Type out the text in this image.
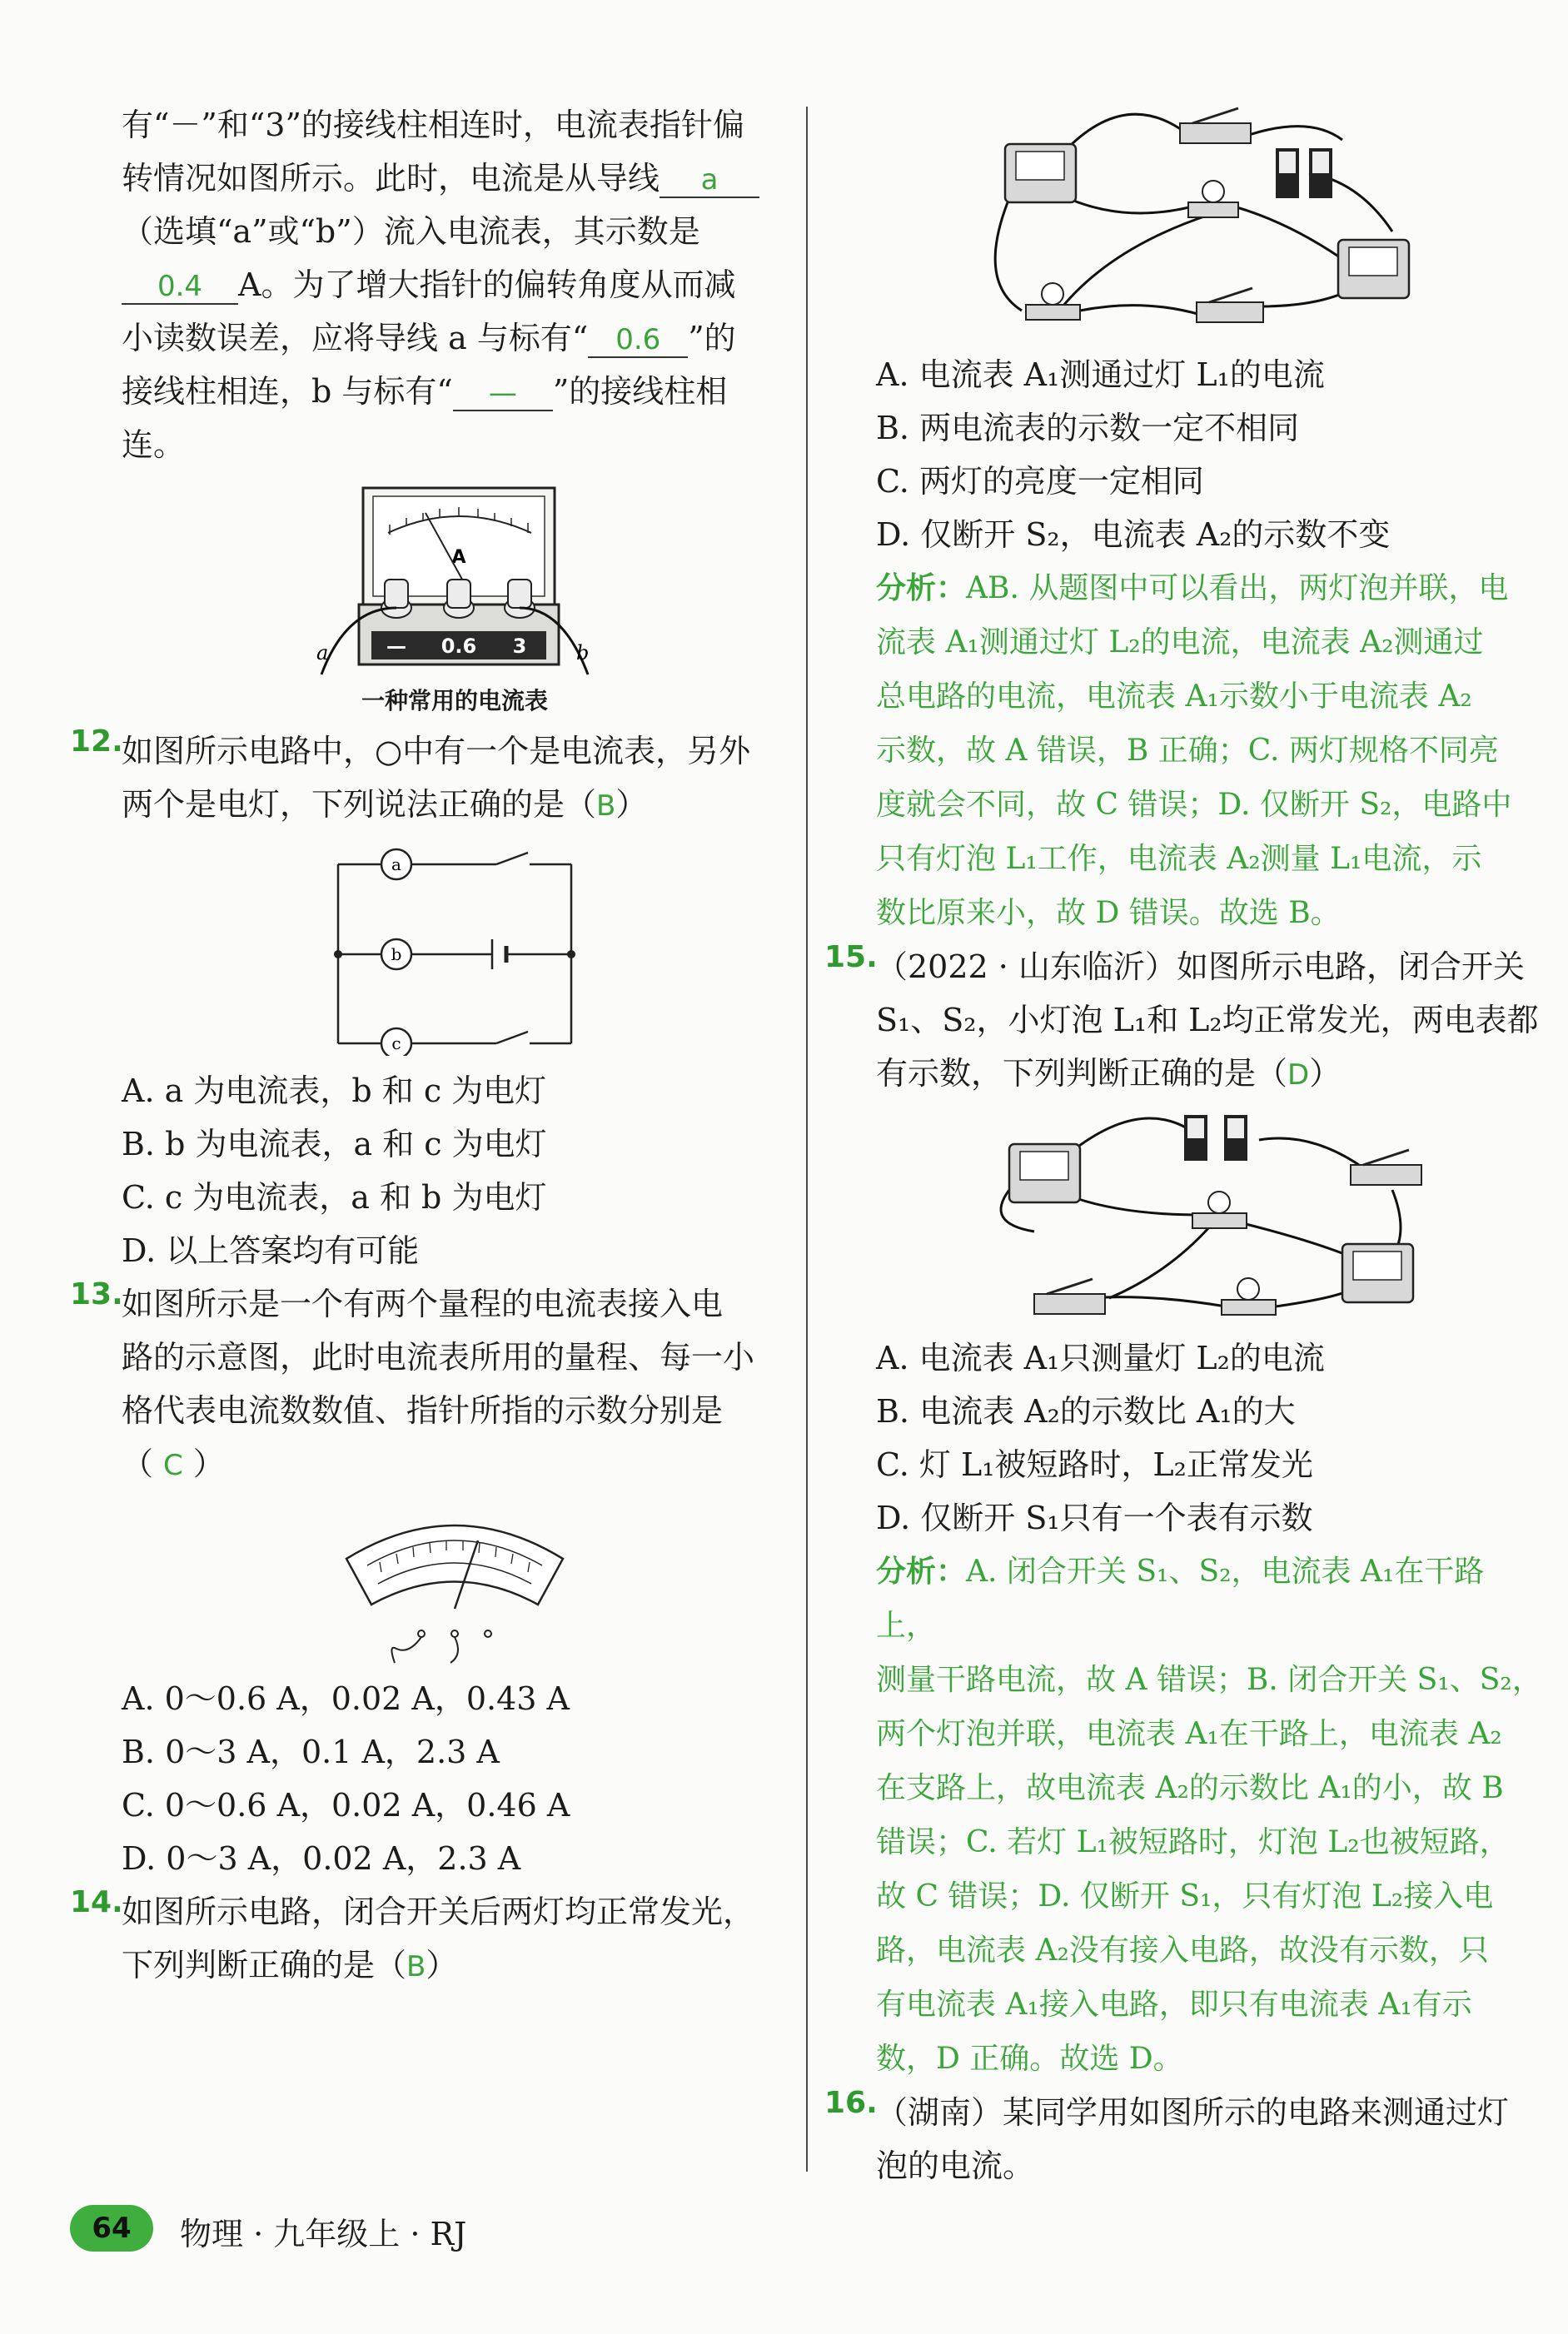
有“－”和“3”的接线柱相连时，电流表指针偏

转情况如图所示。此时，电流是从导线 a

（选填“a”或“b”）流入电流表，其示数是

0.4 A。为了增大指针的偏转角度从而减

小读数误差，应将导线 a 与标有“ 0.6 ”的

接线柱相连，b 与标有“ — ”的接线柱相连。

A
— 0.6 3
a	b

一种常用的电流表

12.

如图所示电路中，○中有一个是电流表，另外

两个是电灯，下列说法正确的是（B）

a
b
c

A. a 为电流表，b 和 c 为电灯

B. b 为电流表，a 和 c 为电灯

C. c 为电流表，a 和 b 为电灯

D. 以上答案均有可能

13.

如图所示是一个有两个量程的电流表接入电

路的示意图，此时电流表所用的量程、每一小

格代表电流数数值、指针所指的示数分别是

（ C ）

A. 0～0.6 A，0.02 A，0.43 A

B. 0～3 A，0.1 A，2.3 A

C. 0～0.6 A，0.02 A，0.46 A

D. 0～3 A，0.02 A，2.3 A

14.

如图所示电路，闭合开关后两灯均正常发光，

下列判断正确的是（B）

A. 电流表 A₁测通过灯 L₁的电流

B. 两电流表的示数一定不相同

C. 两灯的亮度一定相同

D. 仅断开 S₂，电流表 A₂的示数不变

分析：AB. 从题图中可以看出，两灯泡并联，电

流表 A₁测通过灯 L₂的电流，电流表 A₂测通过

总电路的电流，电流表 A₁示数小于电流表 A₂

示数，故 A 错误，B 正确；C. 两灯规格不同亮

度就会不同，故 C 错误；D. 仅断开 S₂，电路中

只有灯泡 L₁工作，电流表 A₂测量 L₁电流，示

数比原来小，故 D 错误。故选 B。

15.

（2022 · 山东临沂）如图所示电路，闭合开关

S₁、S₂，小灯泡 L₁和 L₂均正常发光，两电表都

有示数，下列判断正确的是（D）

A. 电流表 A₁只测量灯 L₂的电流

B. 电流表 A₂的示数比 A₁的大

C. 灯 L₁被短路时，L₂正常发光

D. 仅断开 S₁只有一个表有示数

分析：A. 闭合开关 S₁、S₂，电流表 A₁在干路上，

测量干路电流，故 A 错误；B. 闭合开关 S₁、S₂，

两个灯泡并联，电流表 A₁在干路上，电流表 A₂

在支路上，故电流表 A₂的示数比 A₁的小，故 B

错误；C. 若灯 L₁被短路时，灯泡 L₂也被短路，

故 C 错误；D. 仅断开 S₁，只有灯泡 L₂接入电

路，电流表 A₂没有接入电路，故没有示数，只

有电流表 A₁接入电路，即只有电流表 A₁有示

数，D 正确。故选 D。

16.

（湖南）某同学用如图所示的电路来测通过灯

泡的电流。

64	物理 · 九年级上 · RJ
